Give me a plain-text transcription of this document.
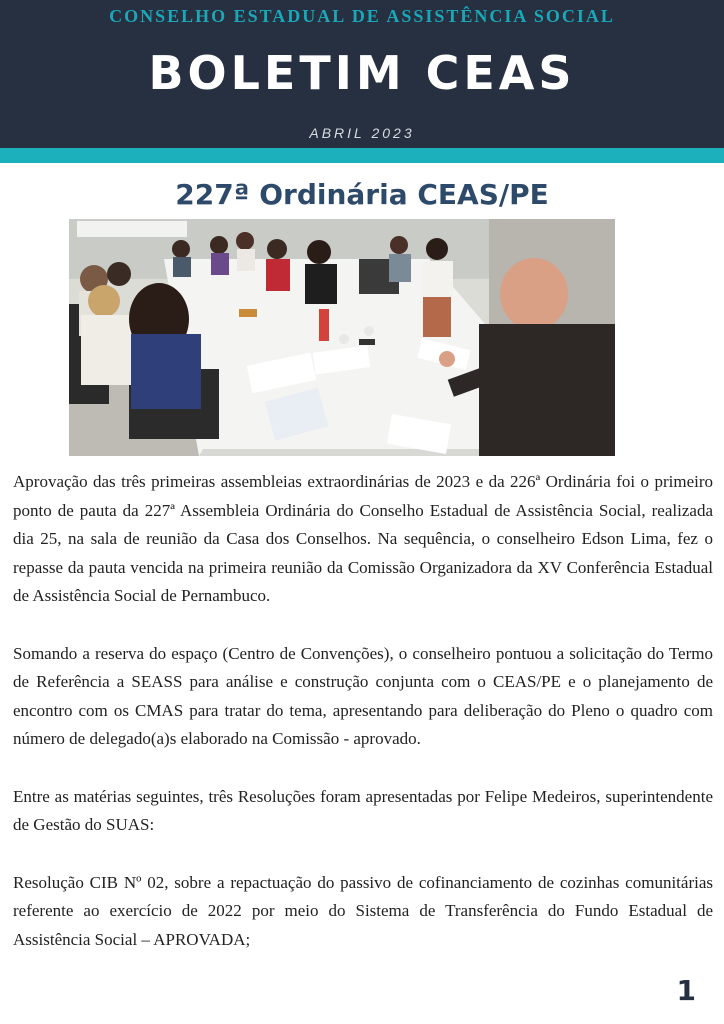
CONSELHO ESTADUAL DE ASSISTÊNCIA SOCIAL
BOLETIM CEAS
ABRIL 2023
227ª Ordinária CEAS/PE

Aprovação das três primeiras assembleias extraordinárias de 2023 e da 226ª Ordinária foi o primeiro ponto de pauta da 227ª Assembleia Ordinária do Conselho Estadual de Assistência Social, realizada dia 25, na sala de reunião da Casa dos Conselhos. Na sequência, o conselheiro Edson Lima, fez o repasse da pauta vencida na primeira reunião da Comissão Organizadora da XV Conferência Estadual de Assistência Social de Pernambuco.

Somando a reserva do espaço (Centro de Convenções), o conselheiro pontuou a solicitação do Termo de Referência a SEASS para análise e construção conjunta com o CEAS/PE e o planejamento de encontro com os CMAS para tratar do tema, apresentando para deliberação do Pleno o quadro com número de delegado(a)s elaborado na Comissão - aprovado.

Entre as matérias seguintes, três Resoluções foram apresentadas por Felipe Medeiros, superintendente de Gestão do SUAS:

Resolução CIB Nº 02, sobre a repactuação do passivo de cofinanciamento de cozinhas comunitárias referente ao exercício de 2022 por meio do Sistema de Transferência do Fundo Estadual de Assistência Social – APROVADA;

1
